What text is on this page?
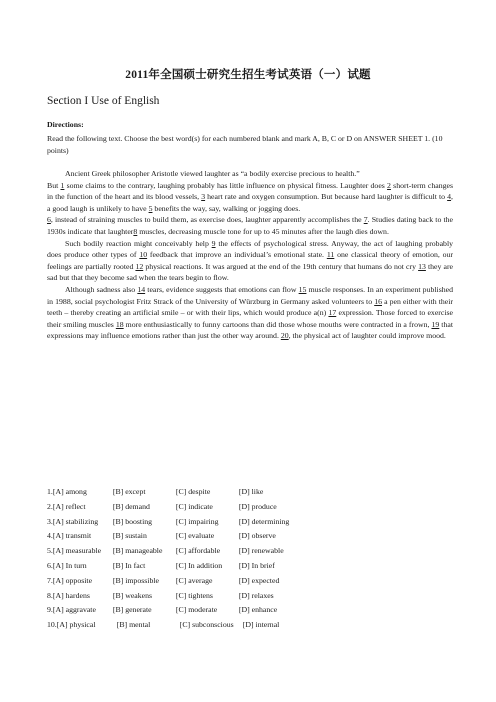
2011年全国硕士研究生招生考试英语（一）试题
Section I Use of English
Directions:
Read the following text. Choose the best word(s) for each numbered blank and mark A, B, C or D on ANSWER SHEET 1. (10 points)

Ancient Greek philosopher Aristotle viewed laughter as “a bodily exercise precious to health.”

But 1 some claims to the contrary, laughing probably has little influence on physical fitness. Laughter does 2 short-term changes in the function of the heart and its blood vessels, 3 heart rate and oxygen consumption. But because hard laughter is difficult to 4, a good laugh is unlikely to have 5 benefits the way, say, walking or jogging does.

6, instead of straining muscles to build them, as exercise does, laughter apparently accomplishes the 7. Studies dating back to the 1930s indicate that laughter8 muscles, decreasing muscle tone for up to 45 minutes after the laugh dies down.

Such bodily reaction might conceivably help 9 the effects of psychological stress. Anyway, the act of laughing probably does produce other types of 10 feedback that improve an individual’s emotional state. 11 one classical theory of emotion, our feelings are partially rooted 12 physical reactions. It was argued at the end of the 19th century that humans do not cry 13 they are sad but that they become sad when the tears begin to flow.

Although sadness also 14 tears, evidence suggests that emotions can flow 15 muscle responses. In an experiment published in 1988, social psychologist Fritz Strack of the University of Würzburg in Germany asked volunteers to 16 a pen either with their teeth – thereby creating an artificial smile – or with their lips, which would produce a(n) 17 expression. Those forced to exercise their smiling muscles 18 more enthusiastically to funny cartoons than did those whose mouths were contracted in a frown, 19 that expressions may influence emotions rather than just the other way around. 20, the physical act of laughter could improve mood.

1. [A] among	[B] except	[C] despite	[D] like
2. [A] reflect	[B] demand	[C] indicate	[D] produce
3. [A] stabilizing	[B] boosting	[C] impairing	[D] determining
4. [A] transmit	[B] sustain	[C] evaluate	[D] observe
5. [A] measurable	[B] manageable	[C] affordable	[D] renewable
6. [A] In turn	[B] In fact	[C] In addition	[D] In brief
7. [A] opposite	[B] impossible	[C] average	[D] expected
8. [A] hardens	[B] weakens	[C] tightens	[D] relaxes
9. [A] aggravate	[B] generate	[C] moderate	[D] enhance
10. [A] physical	[B] mental	[C] subconscious	[D] internal
